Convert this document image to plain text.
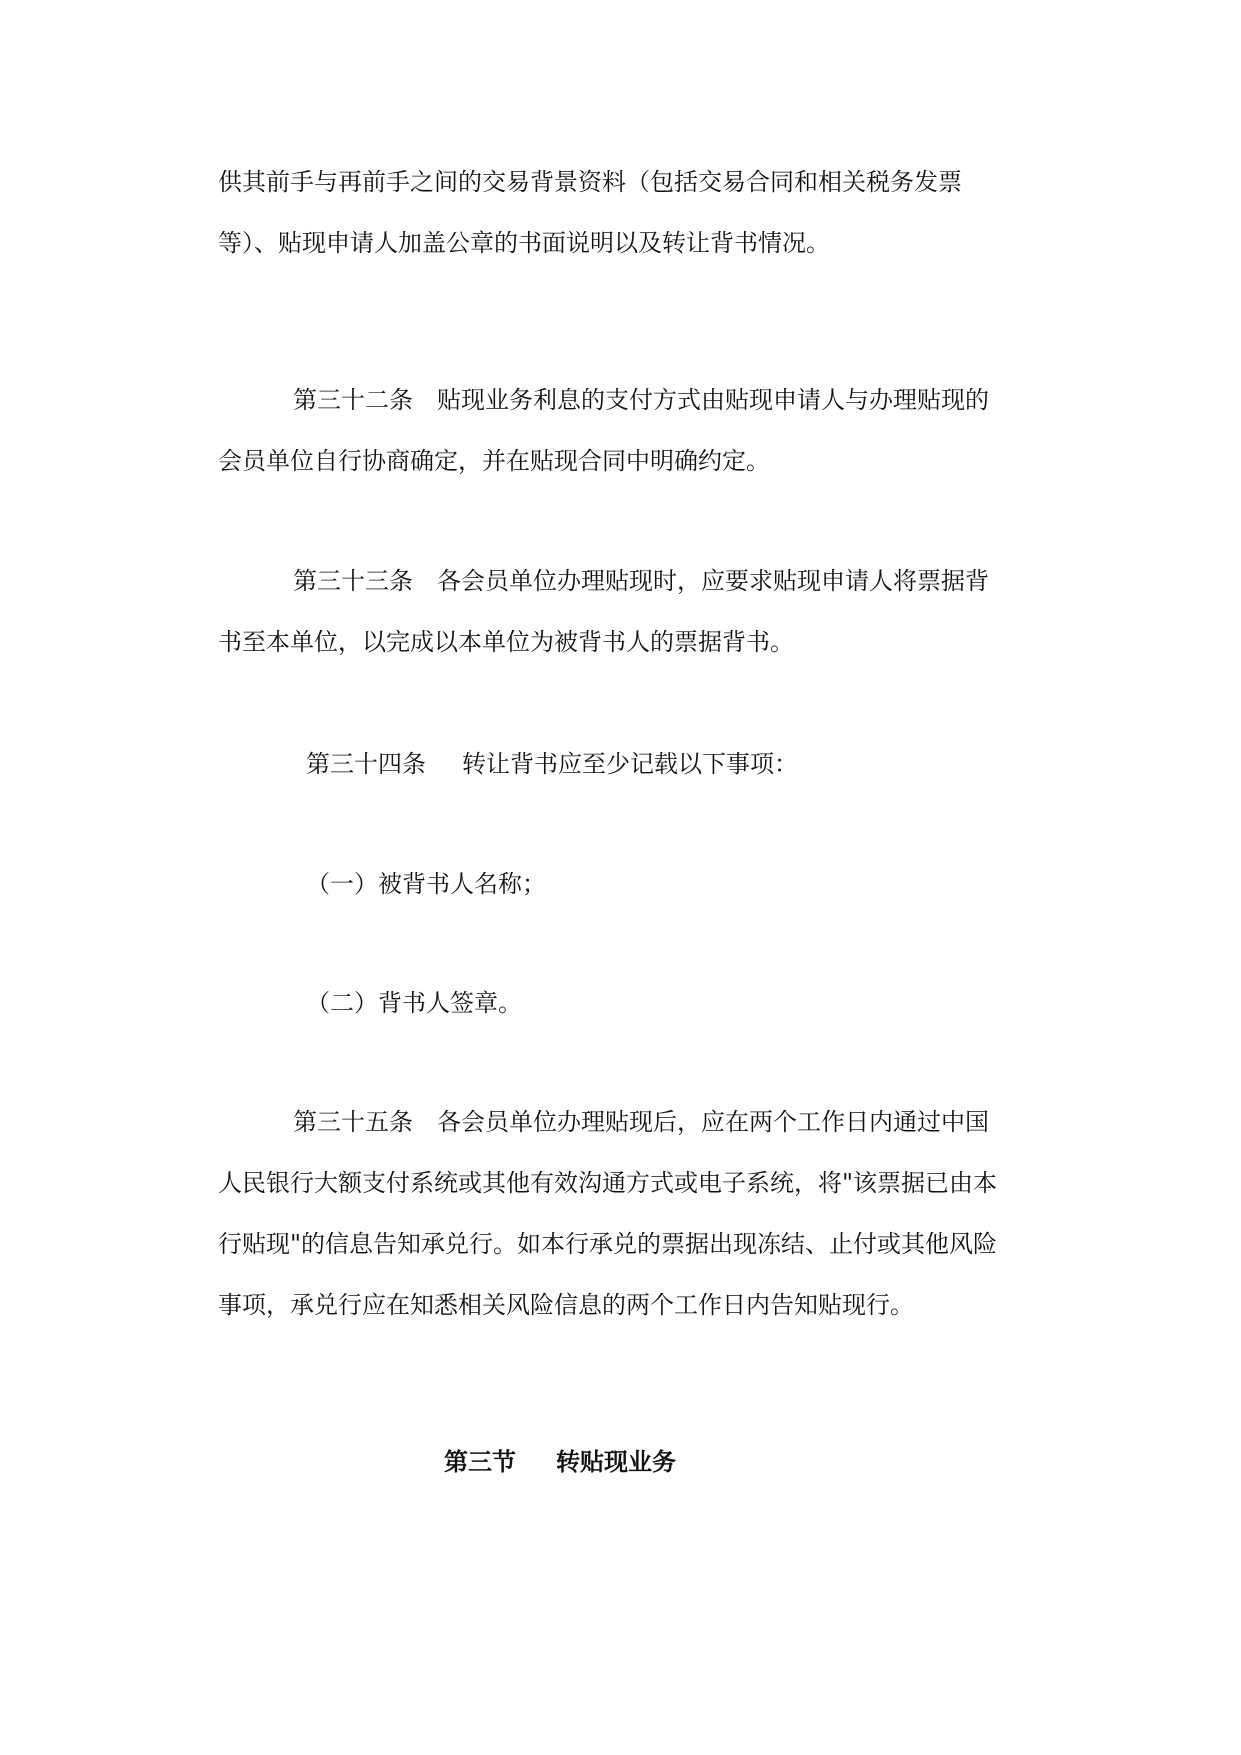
供其前手与再前手之间的交易背景资料（包括交易合同和相关税务发票

等）、贴现申请人加盖公章的书面说明以及转让背书情况。

第三十二条 贴现业务利息的支付方式由贴现申请人与办理贴现的

会员单位自行协商确定，并在贴现合同中明确约定。

第三十三条 各会员单位办理贴现时，应要求贴现申请人将票据背

书至本单位，以完成以本单位为被背书人的票据背书。

第三十四条 转让背书应至少记载以下事项：

（一）被背书人名称；

（二）背书人签章。

第三十五条 各会员单位办理贴现后，应在两个工作日内通过中国

人民银行大额支付系统或其他有效沟通方式或电子系统，将"该票据已由本

行贴现"的信息告知承兑行。如本行承兑的票据出现冻结、止付或其他风险

事项，承兑行应在知悉相关风险信息的两个工作日内告知贴现行。

第三节 转贴现业务
